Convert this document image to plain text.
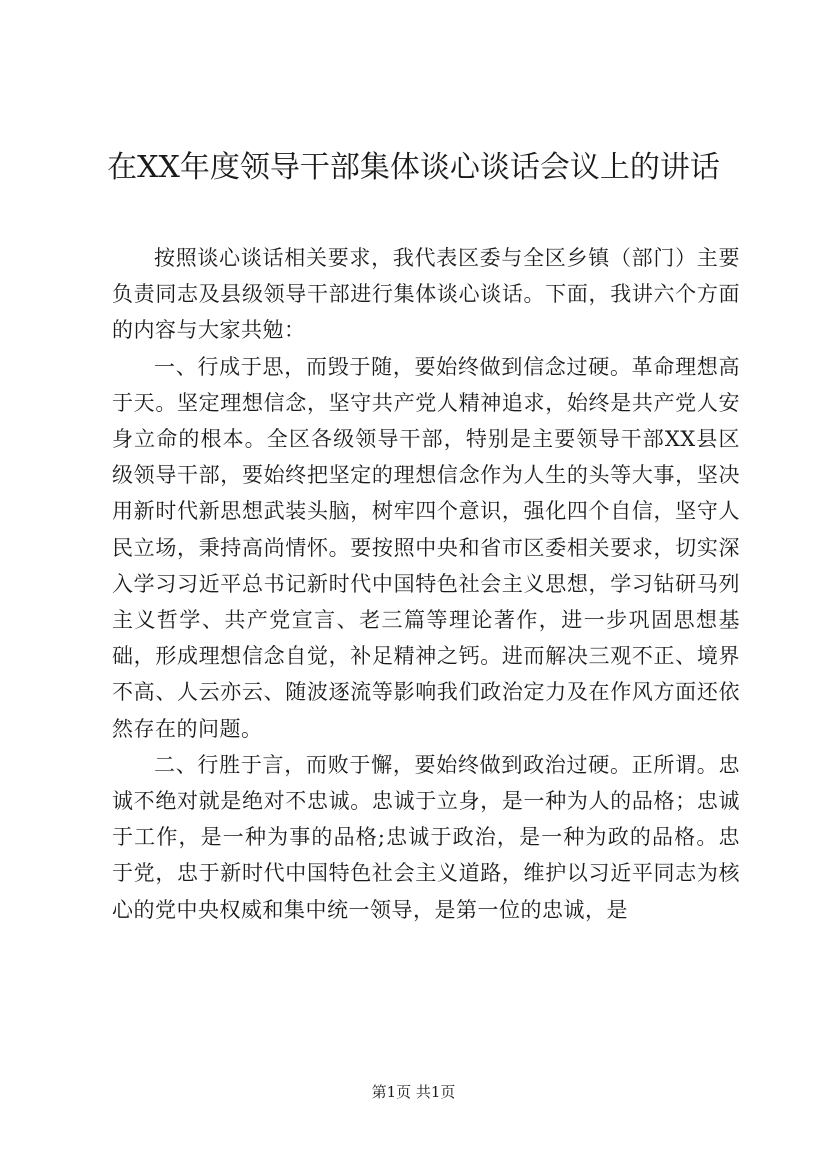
在XX年度领导干部集体谈心谈话会议上的讲话

按照谈心谈话相关要求，我代表区委与全区乡镇（部门）主要负责同志及县级领导干部进行集体谈心谈话。下面，我讲六个方面的内容与大家共勉：

一、行成于思，而毁于随，要始终做到信念过硬。革命理想高于天。坚定理想信念，坚守共产党人精神追求，始终是共产党人安身立命的根本。全区各级领导干部，特别是主要领导干部XX县区级领导干部，要始终把坚定的理想信念作为人生的头等大事，坚决用新时代新思想武装头脑，树牢四个意识，强化四个自信，坚守人民立场，秉持高尚情怀。要按照中央和省市区委相关要求，切实深入学习习近平总书记新时代中国特色社会主义思想，学习钻研马列主义哲学、共产党宣言、老三篇等理论著作，进一步巩固思想基础，形成理想信念自觉，补足精神之钙。进而解决三观不正、境界不高、人云亦云、随波逐流等影响我们政治定力及在作风方面还依然存在的问题。

二、行胜于言，而败于懈，要始终做到政治过硬。正所谓。忠诚不绝对就是绝对不忠诚。忠诚于立身，是一种为人的品格；忠诚于工作，是一种为事的品格;忠诚于政治，是一种为政的品格。忠于党，忠于新时代中国特色社会主义道路，维护以习近平同志为核心的党中央权威和集中统一领导，是第一位的忠诚，是

第1页 共1页
